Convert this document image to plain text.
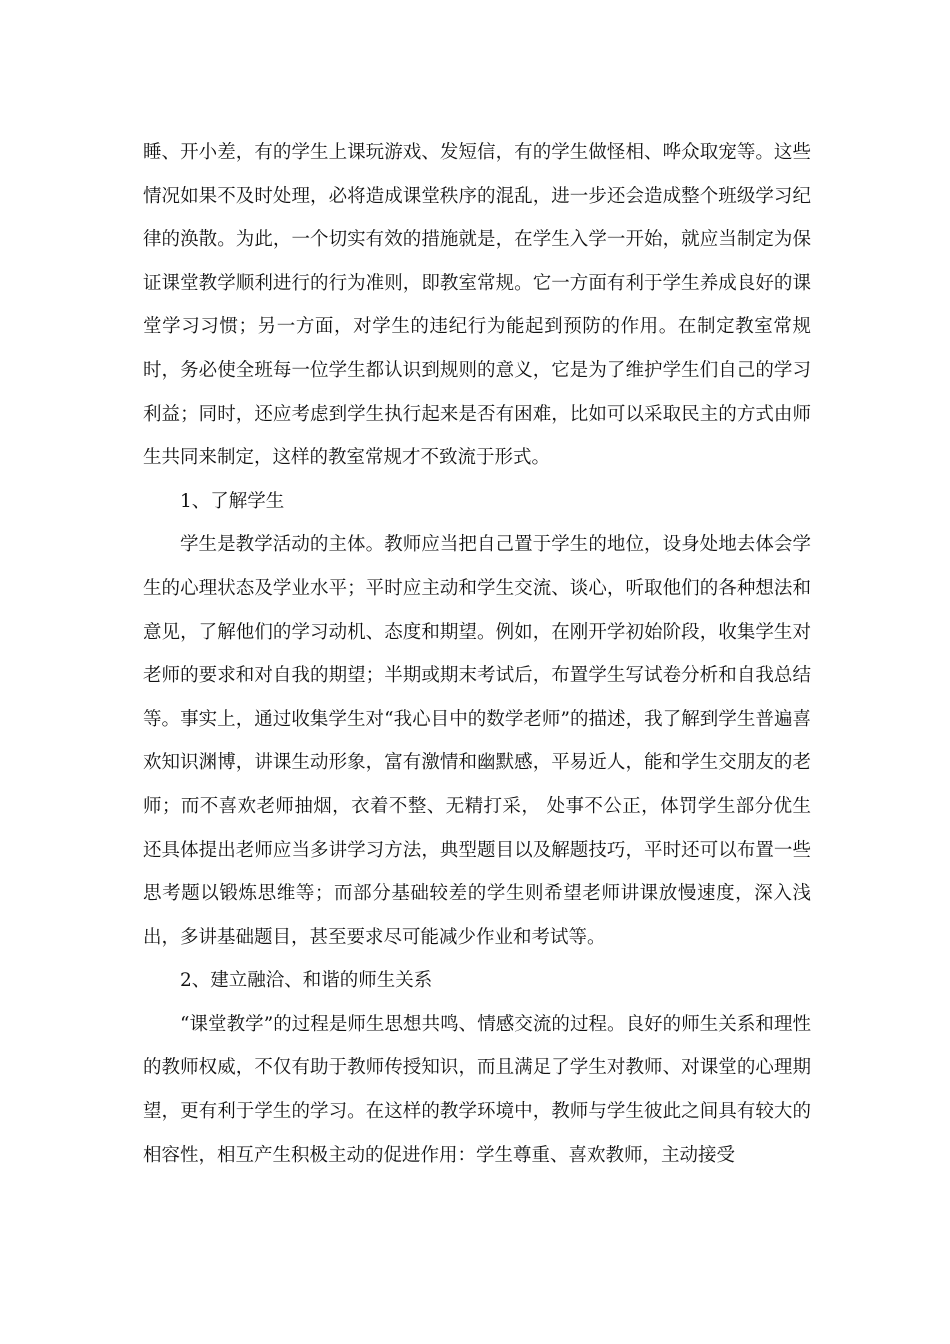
睡、开小差，有的学生上课玩游戏、发短信，有的学生做怪相、哗众取宠等。这些情况如果不及时处理，必将造成课堂秩序的混乱，进一步还会造成整个班级学习纪律的涣散。为此，一个切实有效的措施就是，在学生入学一开始，就应当制定为保证课堂教学顺利进行的行为准则，即教室常规。它一方面有利于学生养成良好的课堂学习习惯；另一方面，对学生的违纪行为能起到预防的作用。在制定教室常规时，务必使全班每一位学生都认识到规则的意义，它是为了维护学生们自己的学习利益；同时，还应考虑到学生执行起来是否有困难，比如可以采取民主的方式由师生共同来制定，这样的教室常规才不致流于形式。

1、了解学生

学生是教学活动的主体。教师应当把自己置于学生的地位，设身处地去体会学生的心理状态及学业水平；平时应主动和学生交流、谈心，听取他们的各种想法和意见，了解他们的学习动机、态度和期望。例如，在刚开学初始阶段，收集学生对老师的要求和对自我的期望；半期或期末考试后，布置学生写试卷分析和自我总结等。事实上，通过收集学生对“我心目中的数学老师”的描述，我了解到学生普遍喜欢知识渊博，讲课生动形象，富有激情和幽默感，平易近人，能和学生交朋友的老师；而不喜欢老师抽烟，衣着不整、无精打采， 处事不公正，体罚学生部分优生还具体提出老师应当多讲学习方法，典型题目以及解题技巧，平时还可以布置一些思考题以锻炼思维等；而部分基础较差的学生则希望老师讲课放慢速度，深入浅出，多讲基础题目，甚至要求尽可能减少作业和考试等。

2、建立融洽、和谐的师生关系

“课堂教学”的过程是师生思想共鸣、情感交流的过程。良好的师生关系和理性的教师权威，不仅有助于教师传授知识，而且满足了学生对教师、对课堂的心理期望，更有利于学生的学习。在这样的教学环境中，教师与学生彼此之间具有较大的相容性，相互产生积极主动的促进作用：学生尊重、喜欢教师，主动接受
